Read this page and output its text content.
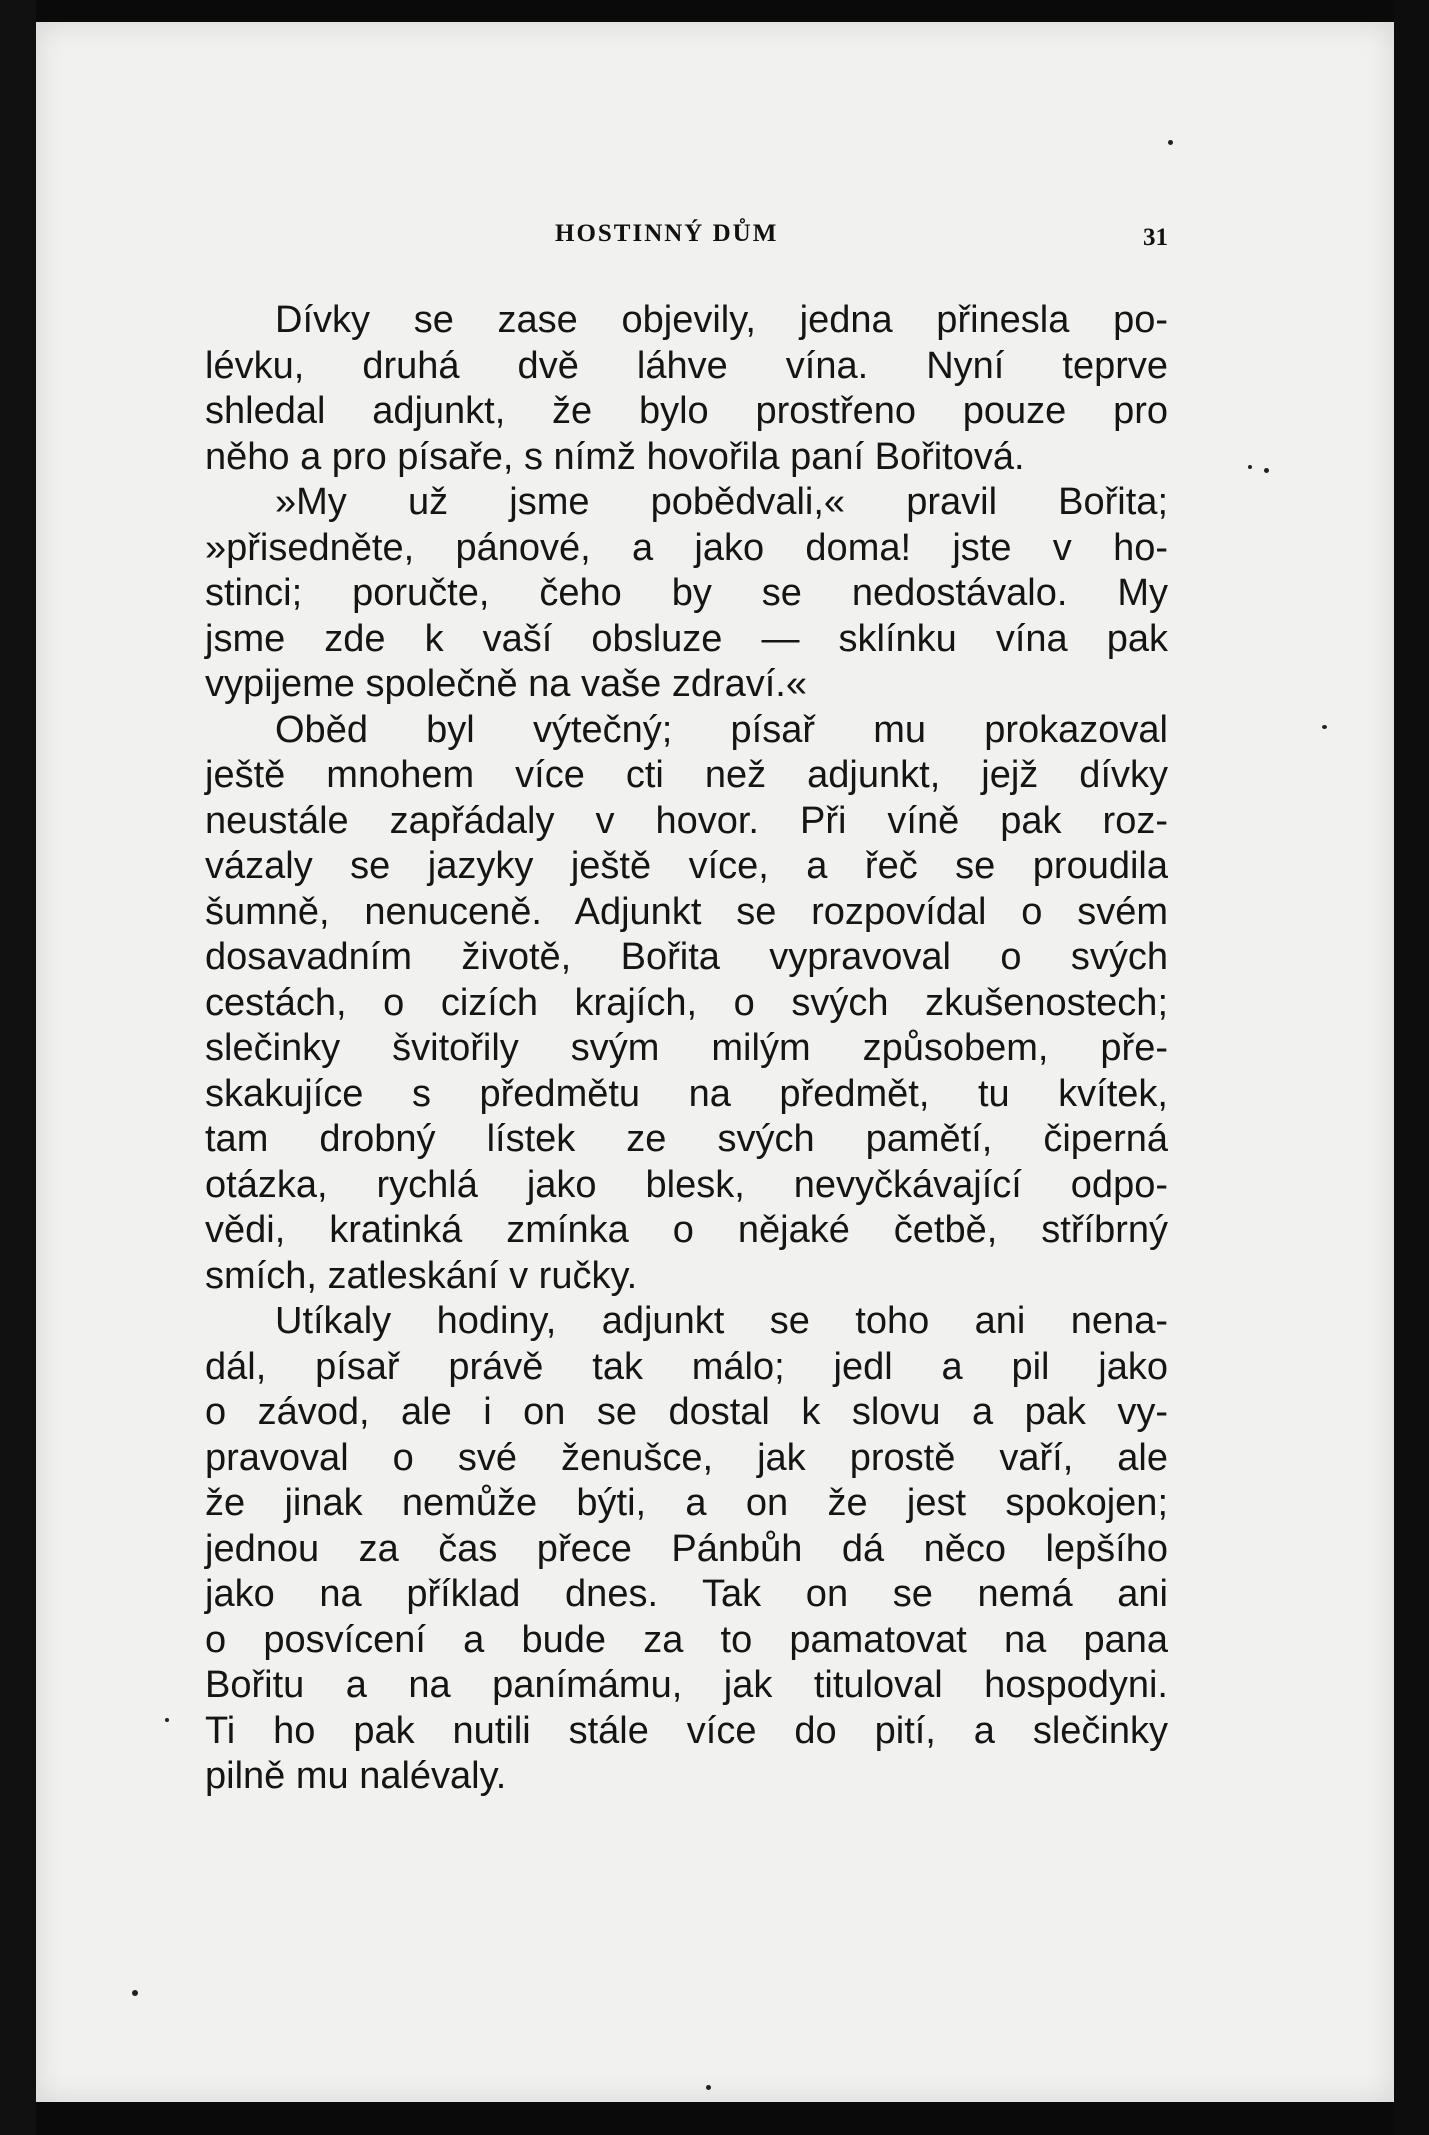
HOSTINNÝ DŮM	31

Dívky se zase objevily, jedna přinesla po-
lévku, druhá dvě láhve vína. Nyní teprve
shledal adjunkt, že bylo prostřeno pouze pro
něho a pro písaře, s nímž hovořila paní Bořitová.

»My už jsme pobědvali,« pravil Bořita;
»přisedněte, pánové, a jako doma! jste v ho-
stinci; poručte, čeho by se nedostávalo. My
jsme zde k vaší obsluze — sklínku vína pak
vypijeme společně na vaše zdraví.«

Oběd byl výtečný; písař mu prokazoval
ještě mnohem více cti než adjunkt, jejž dívky
neustále zapřádaly v hovor. Při víně pak roz-
vázaly se jazyky ještě více, a řeč se proudila
šumně, nenuceně. Adjunkt se rozpovídal o svém
dosavadním životě, Bořita vypravoval o svých
cestách, o cizích krajích, o svých zkušenostech;
slečinky švitořily svým milým způsobem, pře-
skakujíce s předmětu na předmět, tu kvítek,
tam drobný lístek ze svých pamětí, čiperná
otázka, rychlá jako blesk, nevyčkávající odpo-
vědi, kratinká zmínka o nějaké četbě, stříbrný
smích, zatleskání v ručky.

Utíkaly hodiny, adjunkt se toho ani nena-
dál, písař právě tak málo; jedl a pil jako
o závod, ale i on se dostal k slovu a pak vy-
pravoval o své ženušce, jak prostě vaří, ale
že jinak nemůže býti, a on že jest spokojen;
jednou za čas přece Pánbůh dá něco lepšího
jako na příklad dnes. Tak on se nemá ani
o posvícení a bude za to pamatovat na pana
Bořitu a na panímámu, jak tituloval hospodyni.
Ti ho pak nutili stále více do pití, a slečinky
pilně mu nalévaly.
